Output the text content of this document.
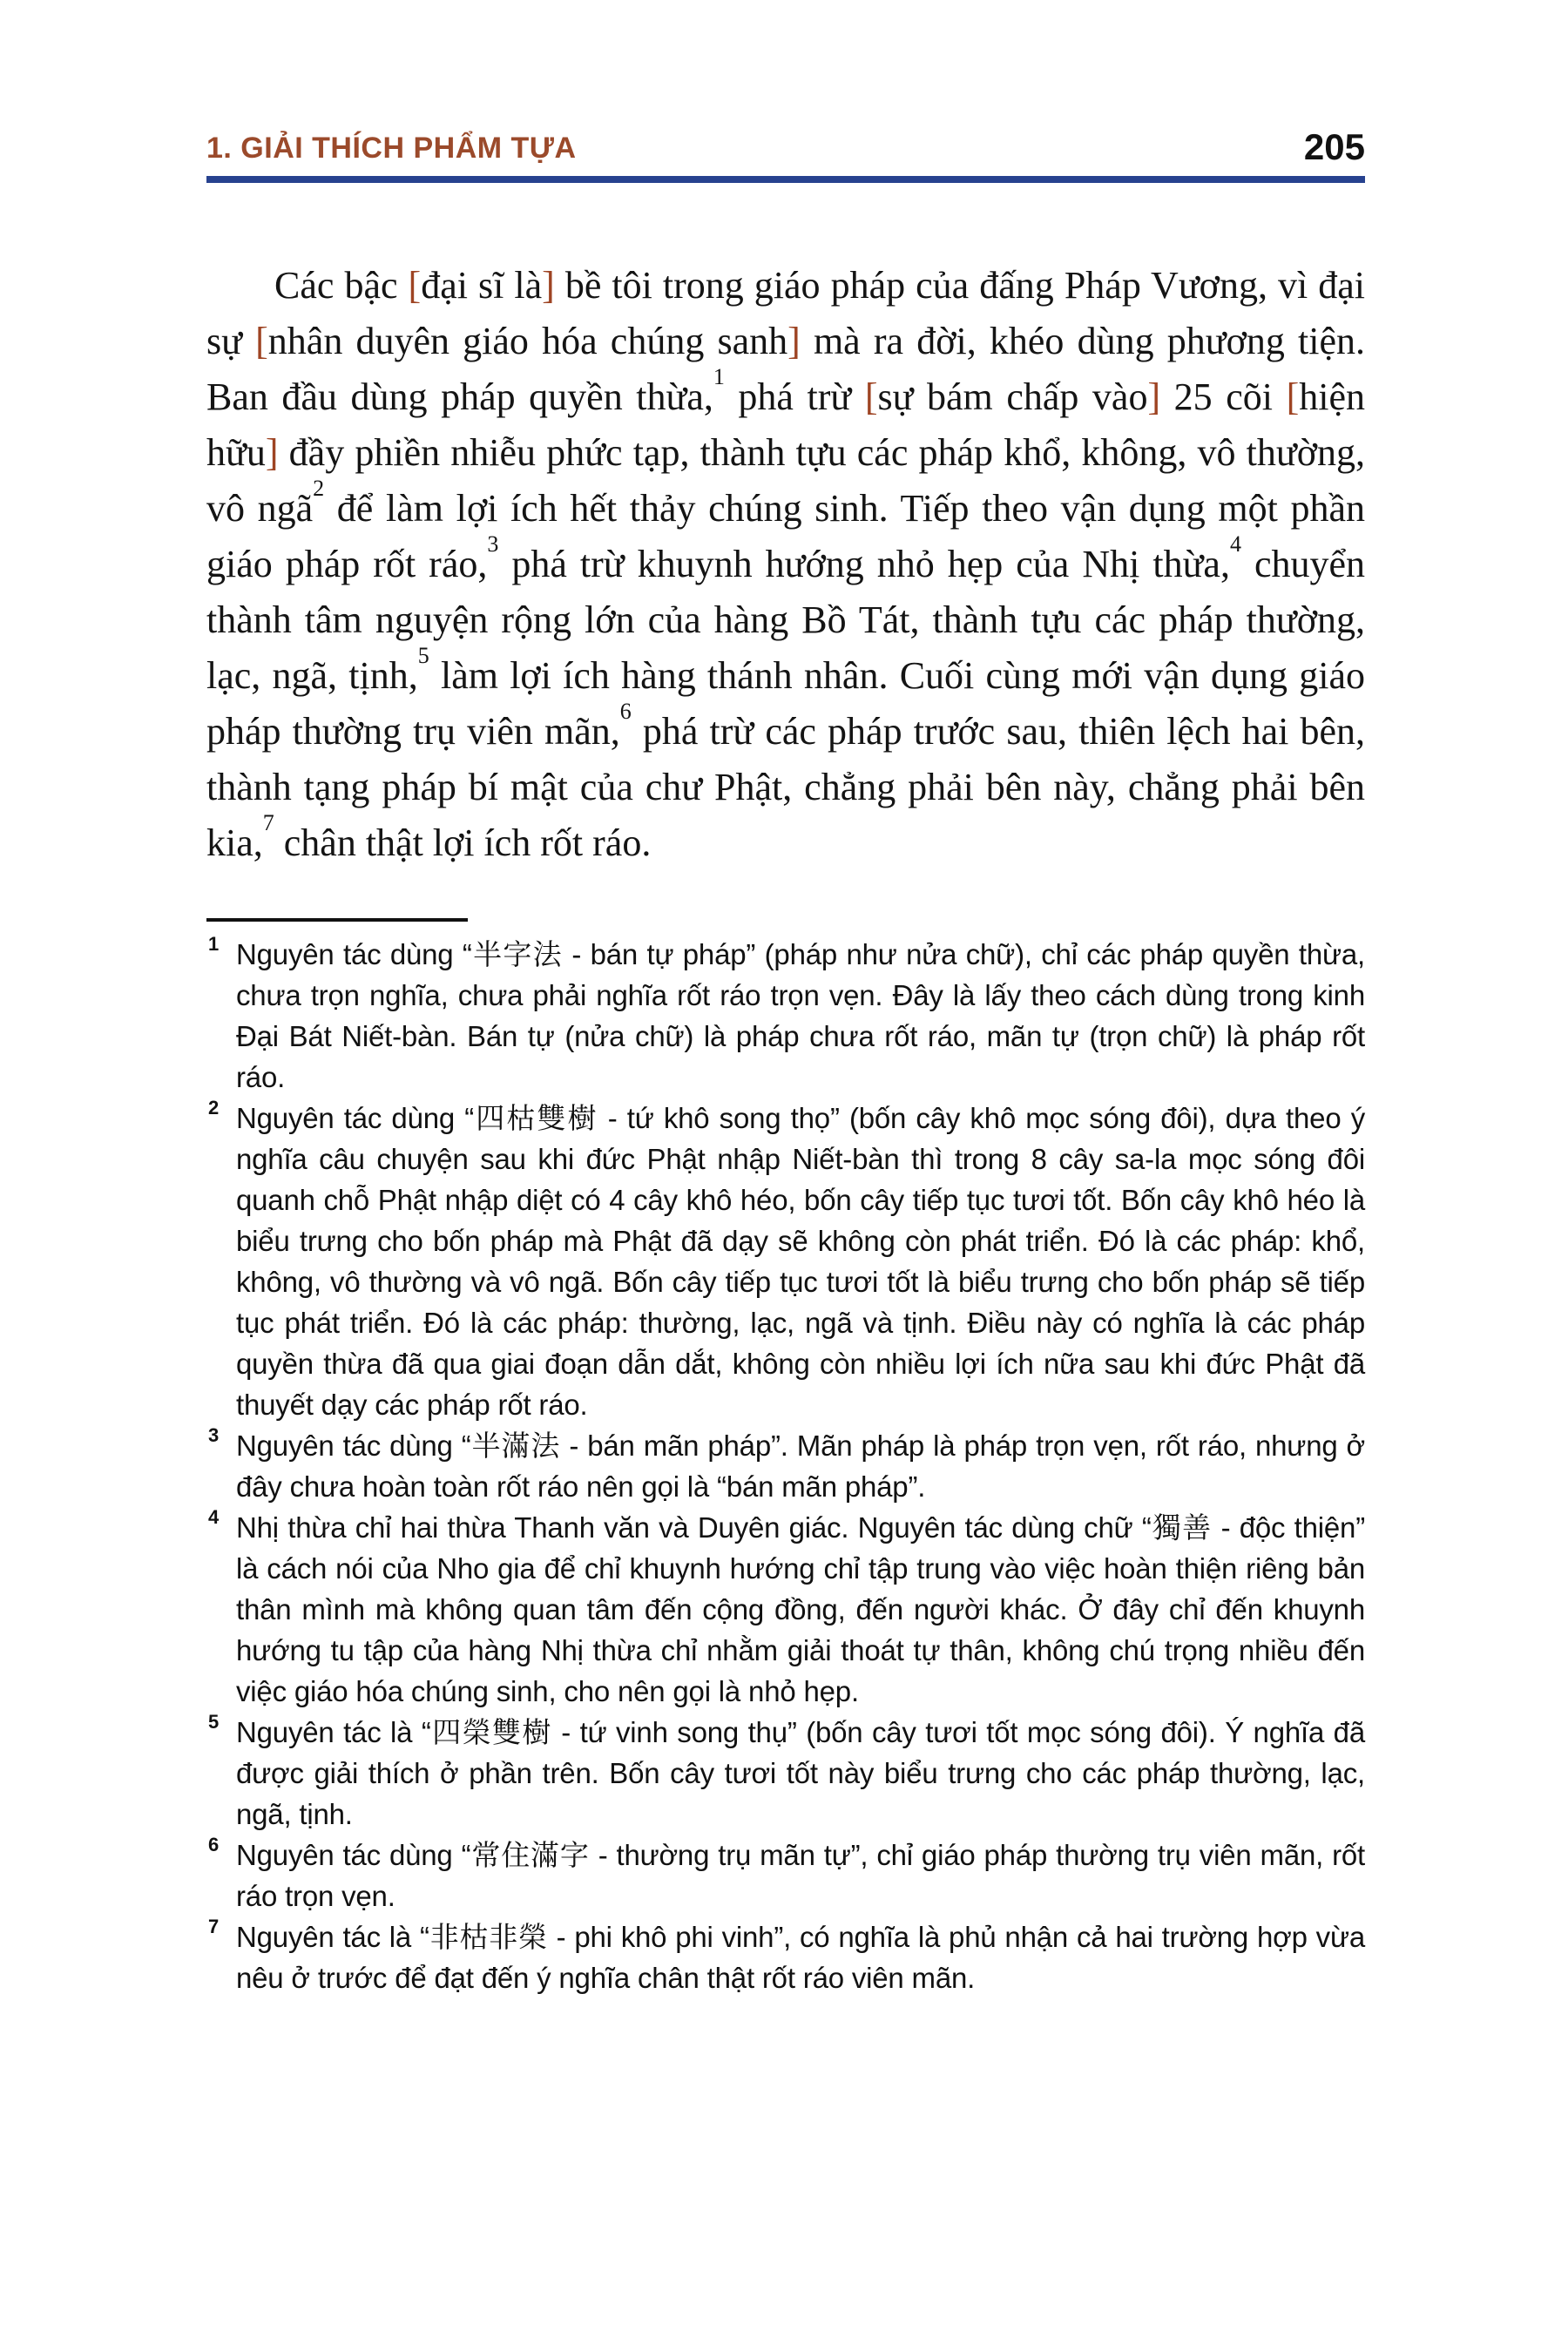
1. GIẢI THÍCH PHẨM TỰA	205

Các bậc [đại sĩ là] bề tôi trong giáo pháp của đấng Pháp Vương, vì đại sự [nhân duyên giáo hóa chúng sanh] mà ra đời, khéo dùng phương tiện. Ban đầu dùng pháp quyền thừa,$^1$ phá trừ [sự bám chấp vào] 25 cõi [hiện hữu] đầy phiền nhiễu phức tạp, thành tựu các pháp khổ, không, vô thường, vô ngã$^2$ để làm lợi ích hết thảy chúng sinh. Tiếp theo vận dụng một phần giáo pháp rốt ráo,$^3$ phá trừ khuynh hướng nhỏ hẹp của Nhị thừa,$^4$ chuyển thành tâm nguyện rộng lớn của hàng Bồ Tát, thành tựu các pháp thường, lạc, ngã, tịnh,$^5$ làm lợi ích hàng thánh nhân. Cuối cùng mới vận dụng giáo pháp thường trụ viên mãn,$^6$ phá trừ các pháp trước sau, thiên lệch hai bên, thành tạng pháp bí mật của chư Phật, chẳng phải bên này, chẳng phải bên kia,$^7$ chân thật lợi ích rốt ráo.

1 Nguyên tác dùng “半字法 - bán tự pháp” (pháp như nửa chữ), chỉ các pháp quyền thừa, chưa trọn nghĩa, chưa phải nghĩa rốt ráo trọn vẹn. Đây là lấy theo cách dùng trong kinh Đại Bát Niết-bàn. Bán tự (nửa chữ) là pháp chưa rốt ráo, mãn tự (trọn chữ) là pháp rốt ráo.
2 Nguyên tác dùng “四枯雙樹 - tứ khô song thọ” (bốn cây khô mọc sóng đôi), dựa theo ý nghĩa câu chuyện sau khi đức Phật nhập Niết-bàn thì trong 8 cây sa-la mọc sóng đôi quanh chỗ Phật nhập diệt có 4 cây khô héo, bốn cây tiếp tục tươi tốt. Bốn cây khô héo là biểu trưng cho bốn pháp mà Phật đã dạy sẽ không còn phát triển. Đó là các pháp: khổ, không, vô thường và vô ngã. Bốn cây tiếp tục tươi tốt là biểu trưng cho bốn pháp sẽ tiếp tục phát triển. Đó là các pháp: thường, lạc, ngã và tịnh. Điều này có nghĩa là các pháp quyền thừa đã qua giai đoạn dẫn dắt, không còn nhiều lợi ích nữa sau khi đức Phật đã thuyết dạy các pháp rốt ráo.
3 Nguyên tác dùng “半滿法 - bán mãn pháp”. Mãn pháp là pháp trọn vẹn, rốt ráo, nhưng ở đây chưa hoàn toàn rốt ráo nên gọi là “bán mãn pháp”.
4 Nhị thừa chỉ hai thừa Thanh văn và Duyên giác. Nguyên tác dùng chữ “獨善 - độc thiện” là cách nói của Nho gia để chỉ khuynh hướng chỉ tập trung vào việc hoàn thiện riêng bản thân mình mà không quan tâm đến cộng đồng, đến người khác. Ở đây chỉ đến khuynh hướng tu tập của hàng Nhị thừa chỉ nhằm giải thoát tự thân, không chú trọng nhiều đến việc giáo hóa chúng sinh, cho nên gọi là nhỏ hẹp.
5 Nguyên tác là “四榮雙樹 - tứ vinh song thụ” (bốn cây tươi tốt mọc sóng đôi). Ý nghĩa đã được giải thích ở phần trên. Bốn cây tươi tốt này biểu trưng cho các pháp thường, lạc, ngã, tịnh.
6 Nguyên tác dùng “常住滿字 - thường trụ mãn tự”, chỉ giáo pháp thường trụ viên mãn, rốt ráo trọn vẹn.
7 Nguyên tác là “非枯非榮 - phi khô phi vinh”, có nghĩa là phủ nhận cả hai trường hợp vừa nêu ở trước để đạt đến ý nghĩa chân thật rốt ráo viên mãn.
